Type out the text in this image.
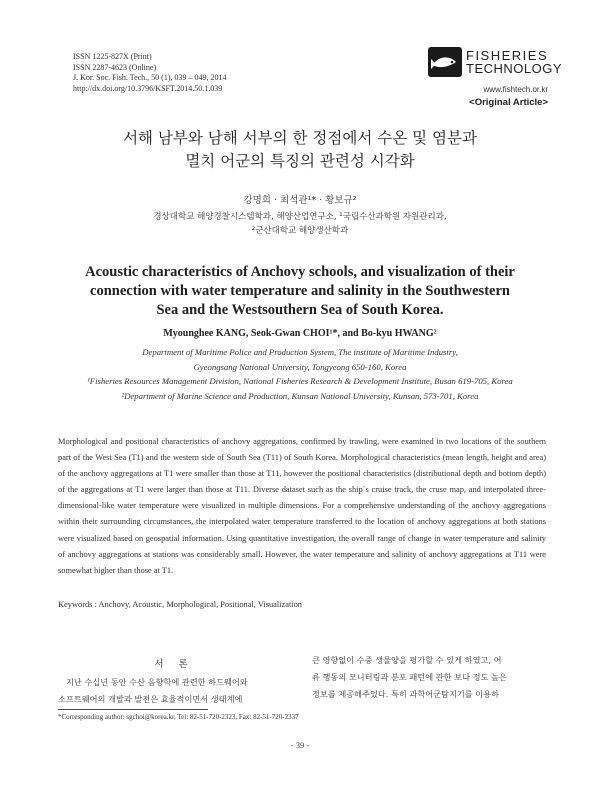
ISSN 1225-827X (Print)
ISSN 2287-4623 (Online)
J. Kor. Soc. Fish. Tech., 50 (1), 039 – 049, 2014
http://dx.doi.org/10.3796/KSFT.2014.50.1.039
FISHERIES
TECHNOLOGY
www.fishtech.or.kr
<Original Article>
서해 남부와 남해 서부의 한 정점에서 수온 및 염분과
멸치 어군의 특징의 관련성 시각화
강명희 · 최석관¹* · 황보규²
경상대학교 해양경찰시스템학과, 해양산업연구소, ¹국립수산과학원 자원관리과,
²군산대학교 해양생산학과
Acoustic characteristics of Anchovy schools, and visualization of their
connection with water temperature and salinity in the Southwestern
Sea and the Westsouthern Sea of South Korea.
Myounghee KANG, Seok-Gwan CHOI¹*, and Bo-kyu HWANG²
Department of Maritime Police and Production System, The institute of Maritime Industry,
Gyeongsang National University, Tongyeong 650-160, Korea
¹Fisheries Resources Management Division, National Fisheries Research & Development Institute, Busan 619-705, Korea
²Department of Marine Science and Production, Kunsan National University, Kunsan, 573-701, Korea
Morphological and positional characteristics of anchovy aggregations, confirmed by trawling, were examined in two locations of the southern part of the West Sea (T1) and the western side of South Sea (T11) of South Korea. Morphological characteristics (mean length, height and area) of the anchovy aggregations at T1 were smaller than those at T11, however the positional characteristics (distributional depth and bottom depth) of the aggregations at T1 were larger than those at T11. Diverse dataset such as the ship`s cruise track, the cruse map, and interpolated three-dimensional-like water temperature were visualized in multiple dimensions. For a comprehensive understanding of the anchovy aggregations within their surrounding circumstances, the interpolated water temperature transferred to the location of anchovy aggregations at both stations were visualized based on geospatial information. Using quantitative investigation, the overall range of change in water temperature and salinity of anchovy aggregations at stations was considerably small. However, the water temperature and salinity of anchovy aggregations at T11 were somewhat higher than those at T1.
Keywords : Anchovy, Acoustic, Morphological, Positional, Visualization
서 론
지난 수십년 동안 수산 음향학에 관련한 하드웨어와
소프트웨어의 개발과 발전은 효율적이면서 생태계에
큰 영향없이 수중 생물양을 평가할 수 있게 하였고, 어
류 행동의 모니터링과 분포 패턴에 관한 보다 정도 높은
정보를 제공해주었다. 특히 과학어군탐지기를 이용하
*Corresponding author: sgchoi@korea.kr, Tel: 82-51-720-2323, Fax: 82-51-720-2337
- 39 -
